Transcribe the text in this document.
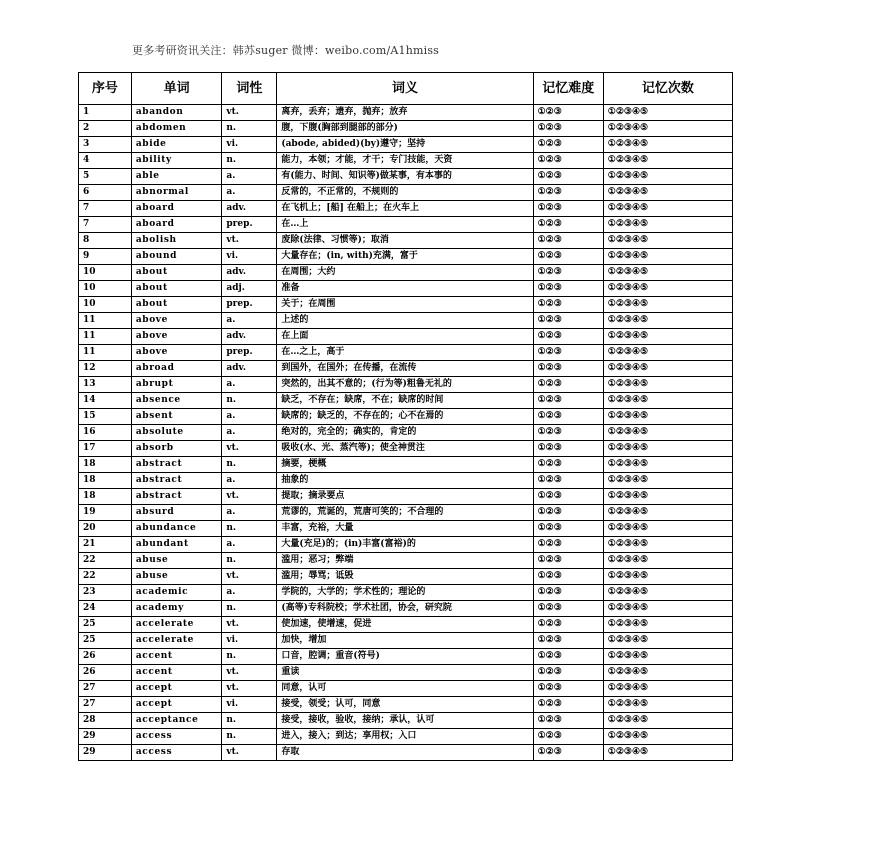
更多考研资讯关注：韩苏suger 微博：weibo.com/A1hmiss
序号	单词	词性	词义	记忆难度	记忆次数
1	abandon	vt.	离弃，丢弃；遗弃，抛弃；放弃	①②③	①②③④⑤
2	abdomen	n.	腹，下腹(胸部到腿部的部分)	①②③	①②③④⑤
3	abide	vi.	(abode, abided)(by)遵守；坚持	①②③	①②③④⑤
4	ability	n.	能力，本领；才能，才干；专门技能，天资	①②③	①②③④⑤
5	able	a.	有(能力、时间、知识等)做某事，有本事的	①②③	①②③④⑤
6	abnormal	a.	反常的，不正常的，不规则的	①②③	①②③④⑤
7	aboard	adv.	在飞机上；[船] 在船上；在火车上	①②③	①②③④⑤
7	aboard	prep.	在…上	①②③	①②③④⑤
8	abolish	vt.	废除(法律、习惯等)；取消	①②③	①②③④⑤
9	abound	vi.	大量存在；(in, with)充满，富于	①②③	①②③④⑤
10	about	adv.	在周围；大约	①②③	①②③④⑤
10	about	adj.	准备	①②③	①②③④⑤
10	about	prep.	关于；在周围	①②③	①②③④⑤
11	above	a.	上述的	①②③	①②③④⑤
11	above	adv.	在上面	①②③	①②③④⑤
11	above	prep.	在…之上，高于	①②③	①②③④⑤
12	abroad	adv.	到国外，在国外；在传播，在流传	①②③	①②③④⑤
13	abrupt	a.	突然的，出其不意的；(行为等)粗鲁无礼的	①②③	①②③④⑤
14	absence	n.	缺乏，不存在；缺席，不在；缺席的时间	①②③	①②③④⑤
15	absent	a.	缺席的；缺乏的，不存在的；心不在焉的	①②③	①②③④⑤
16	absolute	a.	绝对的，完全的；确实的，肯定的	①②③	①②③④⑤
17	absorb	vt.	吸收(水、光、蒸汽等)；使全神贯注	①②③	①②③④⑤
18	abstract	n.	摘要，梗概	①②③	①②③④⑤
18	abstract	a.	抽象的	①②③	①②③④⑤
18	abstract	vt.	提取；摘录要点	①②③	①②③④⑤
19	absurd	a.	荒谬的，荒诞的，荒唐可笑的；不合理的	①②③	①②③④⑤
20	abundance	n.	丰富，充裕，大量	①②③	①②③④⑤
21	abundant	a.	大量(充足)的；(in)丰富(富裕)的	①②③	①②③④⑤
22	abuse	n.	滥用；恶习；弊端	①②③	①②③④⑤
22	abuse	vt.	滥用；辱骂；诋毁	①②③	①②③④⑤
23	academic	a.	学院的，大学的；学术性的；理论的	①②③	①②③④⑤
24	academy	n.	(高等)专科院校；学术社团，协会，研究院	①②③	①②③④⑤
25	accelerate	vt.	使加速，使增速，促进	①②③	①②③④⑤
25	accelerate	vi.	加快，增加	①②③	①②③④⑤
26	accent	n.	口音，腔调；重音(符号)	①②③	①②③④⑤
26	accent	vt.	重读	①②③	①②③④⑤
27	accept	vt.	同意，认可	①②③	①②③④⑤
27	accept	vi.	接受，领受；认可，同意	①②③	①②③④⑤
28	acceptance	n.	接受，接收，验收，接纳；承认，认可	①②③	①②③④⑤
29	access	n.	进入，接入；到达；享用权；入口	①②③	①②③④⑤
29	access	vt.	存取	①②③	①②③④⑤
